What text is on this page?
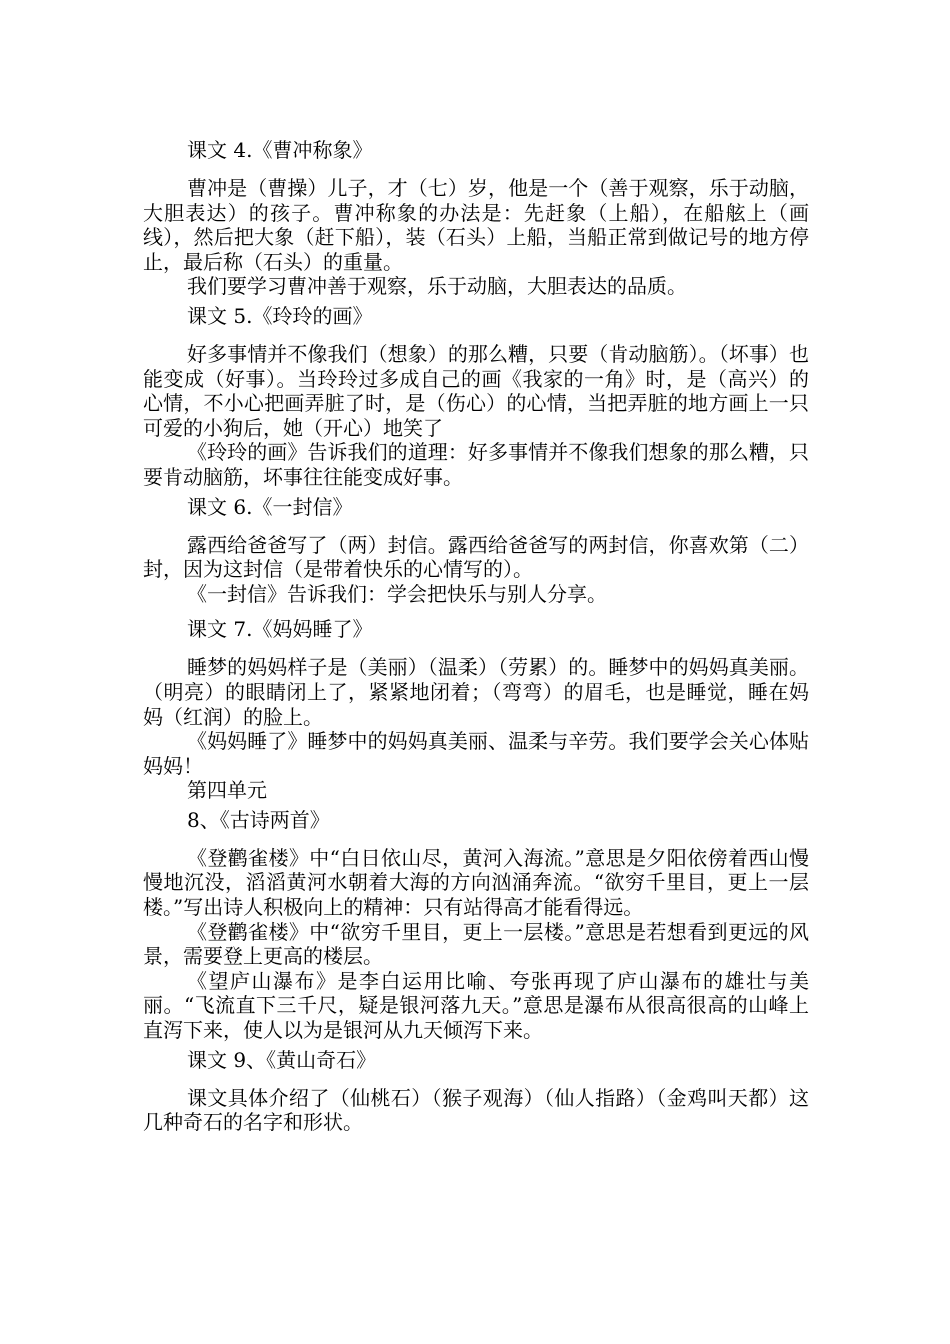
课文 4.《曹冲称象》

曹冲是（曹操）儿子，才（七）岁，他是一个（善于观察，乐于动脑，大胆表达）的孩子。曹冲称象的办法是：先赶象（上船），在船舷上（画线），然后把大象（赶下船），装（石头）上船，当船正常到做记号的地方停止，最后称（石头）的重量。

我们要学习曹冲善于观察，乐于动脑，大胆表达的品质。

课文 5.《玲玲的画》

好多事情并不像我们（想象）的那么糟，只要（肯动脑筋）。（坏事）也能变成（好事）。当玲玲过多成自己的画《我家的一角》时，是（高兴）的心情，不小心把画弄脏了时，是（伤心）的心情，当把弄脏的地方画上一只可爱的小狗后，她（开心）地笑了

《玲玲的画》告诉我们的道理：好多事情并不像我们想象的那么糟，只要肯动脑筋，坏事往往能变成好事。

课文 6.《一封信》

露西给爸爸写了（两）封信。露西给爸爸写的两封信，你喜欢第（二）封，因为这封信（是带着快乐的心情写的）。

《一封信》告诉我们：学会把快乐与别人分享。

课文 7.《妈妈睡了》

睡梦的妈妈样子是（美丽）（温柔）（劳累）的。睡梦中的妈妈真美丽。（明亮）的眼睛闭上了，紧紧地闭着；（弯弯）的眉毛，也是睡觉，睡在妈妈（红润）的脸上。

《妈妈睡了》睡梦中的妈妈真美丽、温柔与辛劳。我们要学会关心体贴妈妈！

第四单元

8、《古诗两首》

《登鹳雀楼》中“白日依山尽，黄河入海流。”意思是夕阳依傍着西山慢慢地沉没，滔滔黄河水朝着大海的方向汹涌奔流。“欲穷千里目，更上一层楼。”写出诗人积极向上的精神：只有站得高才能看得远。

《登鹳雀楼》中“欲穷千里目，更上一层楼。”意思是若想看到更远的风景，需要登上更高的楼层。

《望庐山瀑布》是李白运用比喻、夸张再现了庐山瀑布的雄壮与美丽。“飞流直下三千尺，疑是银河落九天。”意思是瀑布从很高很高的山峰上直泻下来，使人以为是银河从九天倾泻下来。

课文 9、《黄山奇石》

课文具体介绍了（仙桃石）（猴子观海）（仙人指路）（金鸡叫天都）这几种奇石的名字和形状。
